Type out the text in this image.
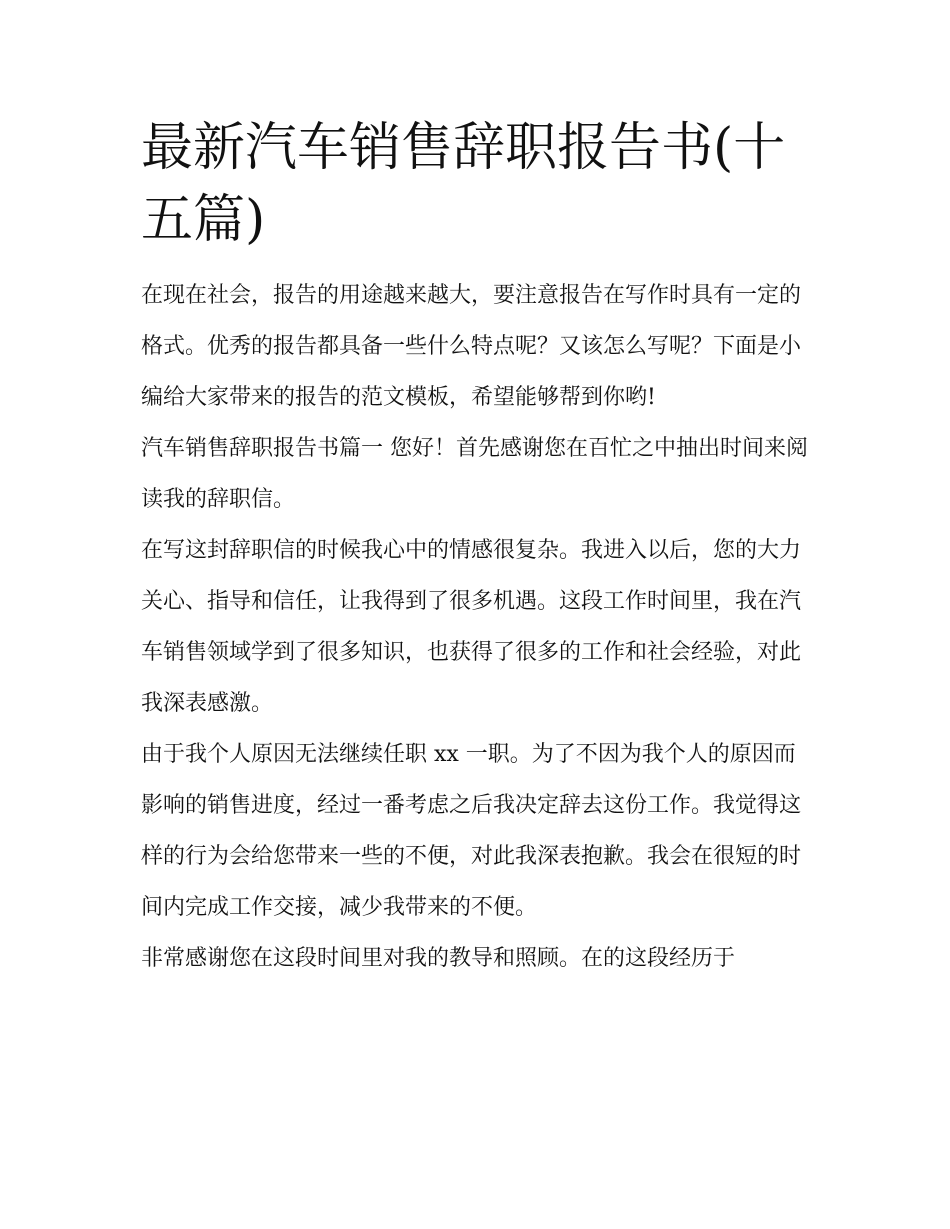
最新汽车销售辞职报告书(十五篇)

在现在社会，报告的用途越来越大，要注意报告在写作时具有一定的格式。优秀的报告都具备一些什么特点呢？又该怎么写呢？下面是小编给大家带来的报告的范文模板，希望能够帮到你哟!

汽车销售辞职报告书篇一 您好！首先感谢您在百忙之中抽出时间来阅读我的辞职信。

在写这封辞职信的时候我心中的情感很复杂。我进入以后，您的大力关心、指导和信任，让我得到了很多机遇。这段工作时间里，我在汽车销售领域学到了很多知识，也获得了很多的工作和社会经验，对此我深表感激。

由于我个人原因无法继续任职 xx 一职。为了不因为我个人的原因而影响的销售进度，经过一番考虑之后我决定辞去这份工作。我觉得这样的行为会给您带来一些的不便，对此我深表抱歉。我会在很短的时间内完成工作交接，减少我带来的不便。

非常感谢您在这段时间里对我的教导和照顾。在的这段经历于
